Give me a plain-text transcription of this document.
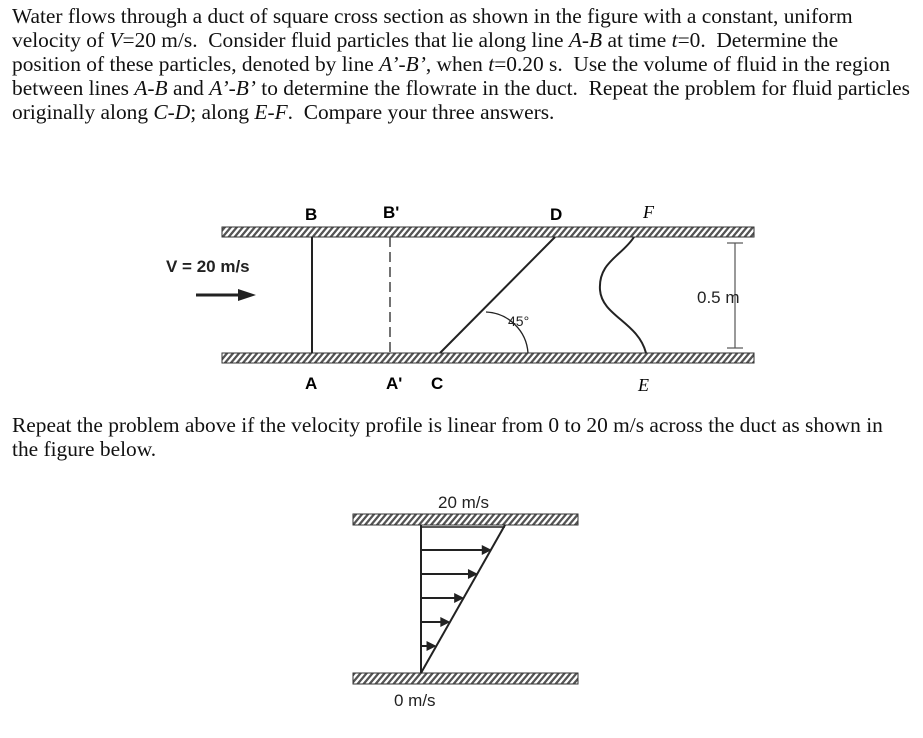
Water flows through a duct of square cross section as shown in the figure with a constant, uniform velocity of V=20 m/s.  Consider fluid particles that lie along line A-B at time t=0.  Determine the position of these particles, denoted by line A’-B’, when t=0.20 s.  Use the volume of fluid in the region between lines A-B and A’-B’ to determine the flowrate in the duct.  Repeat the problem for fluid particles originally along C-D; along E-F.  Compare your three answers.

V = 20 m/s
45°
0.5 m
B	B'	D	F
A	A' C	E
20 m/s
0 m/s

Repeat the problem above if the velocity profile is linear from 0 to 20 m/s across the duct as shown in the figure below.
